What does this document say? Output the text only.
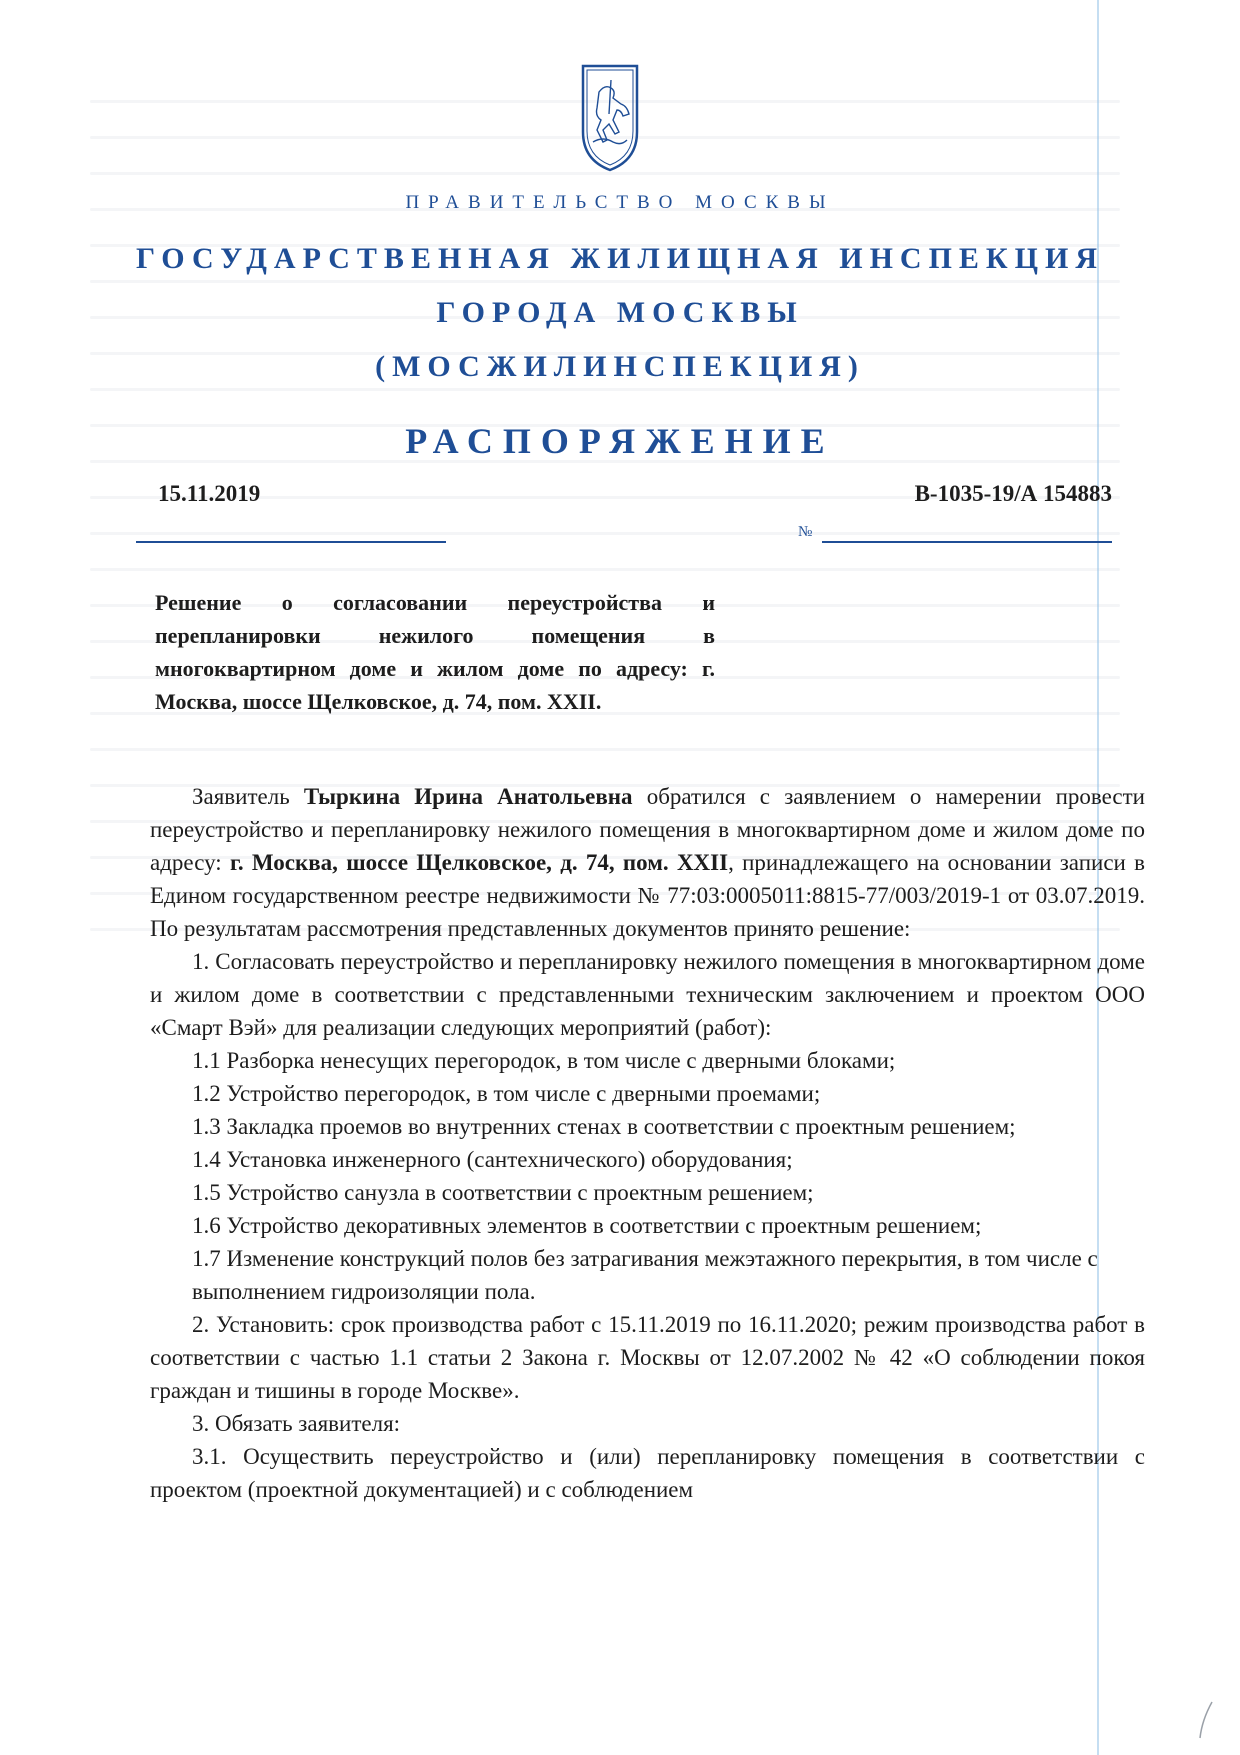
ПРАВИТЕЛЬСТВО МОСКВЫ
ГОСУДАРСТВЕННАЯ ЖИЛИЩНАЯ ИНСПЕКЦИЯ
ГОРОДА МОСКВЫ
(МОСЖИЛИНСПЕКЦИЯ)
РАСПОРЯЖЕНИЕ
15.11.2019	В-1035-19/А 154883
№
Решение о согласовании переустройства и перепланировки нежилого помещения в многоквартирном доме и жилом доме по адресу: г. Москва, шоссе Щелковское, д. 74, пом. XXII.

Заявитель Тыркина Ирина Анатольевна обратился с заявлением о намерении провести переустройство и перепланировку нежилого помещения в многоквартирном доме и жилом доме по адресу: г. Москва, шоссе Щелковское, д. 74, пом. XXII, принадлежащего на основании записи в Едином государственном реестре недвижимости № 77:03:0005011:8815-77/003/2019-1 от 03.07.2019. По результатам рассмотрения представленных документов принято решение:

1. Согласовать переустройство и перепланировку нежилого помещения в многоквартирном доме и жилом доме в соответствии с представленными техническим заключением и проектом ООО «Смарт Вэй» для реализации следующих мероприятий (работ):

1.1 Разборка ненесущих перегородок, в том числе с дверными блоками;

1.2 Устройство перегородок, в том числе с дверными проемами;

1.3 Закладка проемов во внутренних стенах в соответствии с проектным решением;

1.4 Установка инженерного (сантехнического) оборудования;

1.5 Устройство санузла в соответствии с проектным решением;

1.6 Устройство декоративных элементов в соответствии с проектным решением;

1.7 Изменение конструкций полов без затрагивания межэтажного перекрытия, в том числе с выполнением гидроизоляции пола.

2. Установить: срок производства работ с 15.11.2019 по 16.11.2020; режим производства работ в соответствии с частью 1.1 статьи 2 Закона г. Москвы от 12.07.2002 № 42 «О соблюдении покоя граждан и тишины в городе Москве».

3. Обязать заявителя:

3.1. Осуществить переустройство и (или) перепланировку помещения в соответствии с проектом (проектной документацией) и с соблюдением
